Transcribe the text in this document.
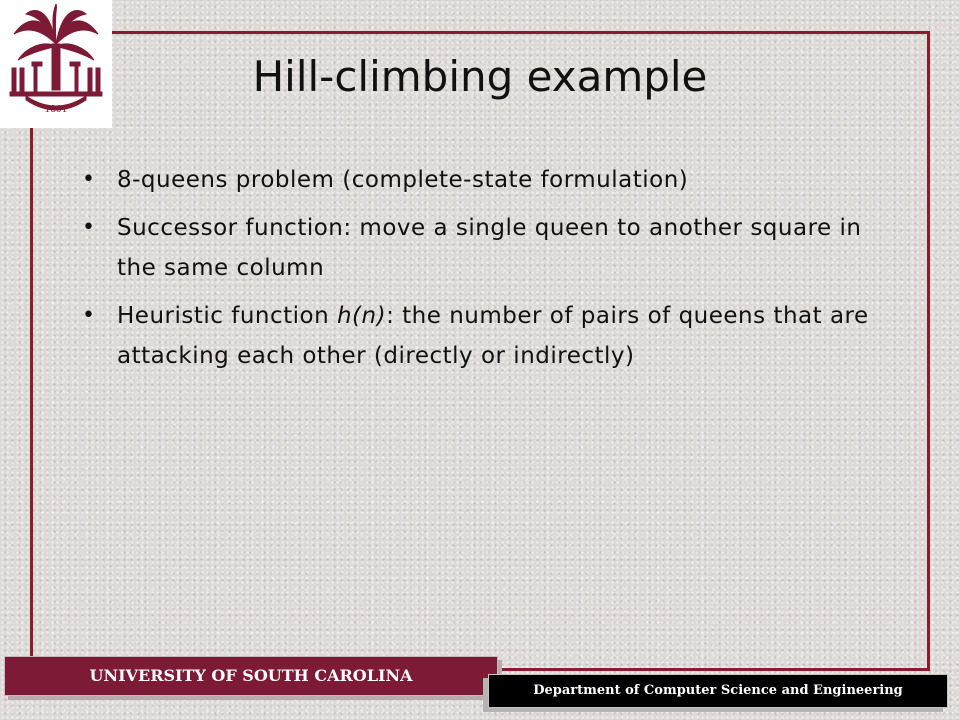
1801
Hill-climbing example
• 8-queens problem (complete-state formulation)
• Successor function: move a single queen to another square in the same column
• Heuristic function h(n): the number of pairs of queens that are attacking each other (directly or indirectly)
UNIVERSITY OF SOUTH CAROLINA
Department of Computer Science and Engineering
